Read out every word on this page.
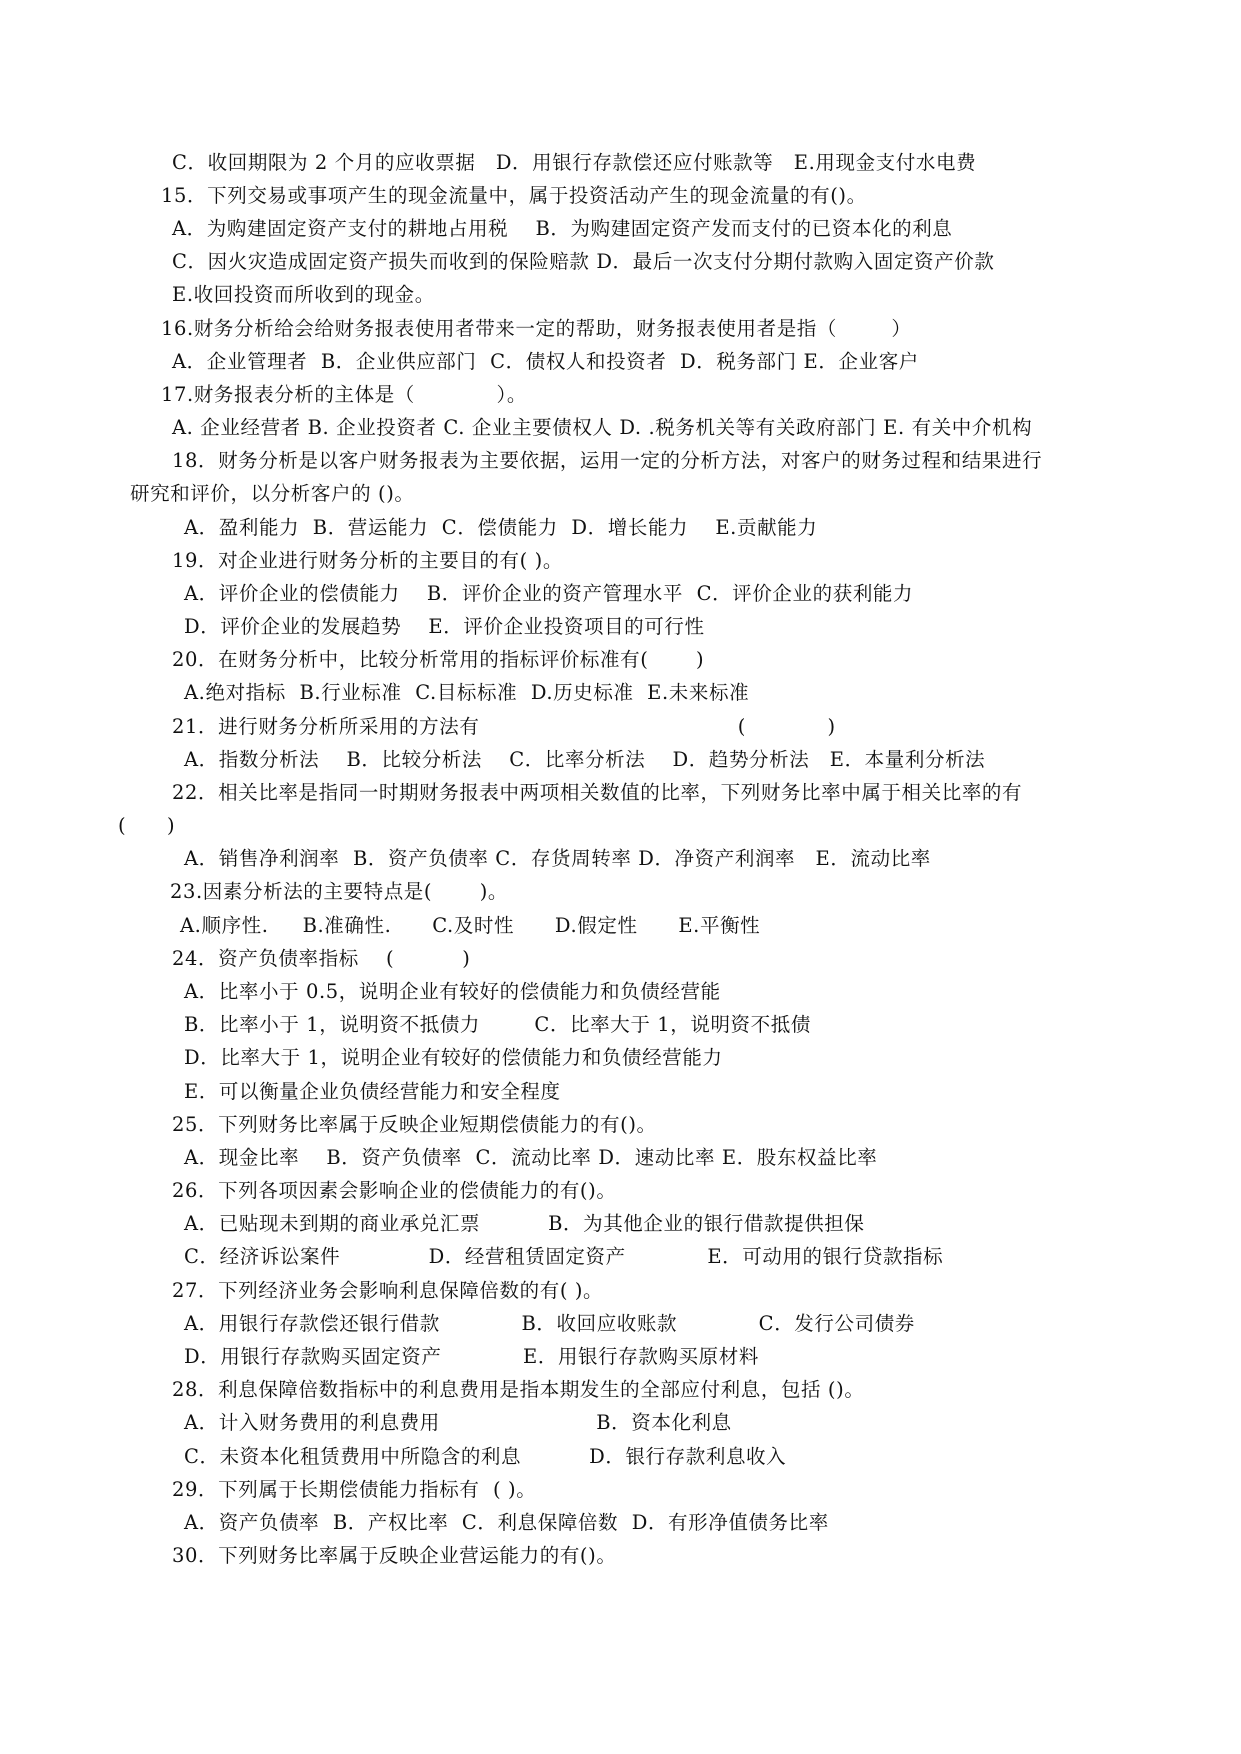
C．收回期限为 2 个月的应收票据   D．用银行存款偿还应付账款等   E.用现金支付水电费
15．下列交易或事项产生的现金流量中，属于投资活动产生的现金流量的有()。
A．为购建固定资产支付的耕地占用税    B．为购建固定资产发而支付的已资本化的利息
C．因火灾造成固定资产损失而收到的保险赔款 D．最后一次支付分期付款购入固定资产价款
E.收回投资而所收到的现金。
16.财务分析给会给财务报表使用者带来一定的帮助，财务报表使用者是指（        ）
A．企业管理者  B．企业供应部门  C．债权人和投资者  D．税务部门 E．企业客户
17.财务报表分析的主体是（            ）。
A. 企业经营者 B. 企业投资者 C. 企业主要债权人 D. .税务机关等有关政府部门 E. 有关中介机构
18．财务分析是以客户财务报表为主要依据，运用一定的分析方法，对客户的财务过程和结果进行
研究和评价，以分析客户的 ()。
A．盈利能力  B．营运能力  C．偿债能力  D．增长能力    E.贡献能力
19．对企业进行财务分析的主要目的有( )。
A．评价企业的偿债能力    B．评价企业的资产管理水平  C．评价企业的获利能力
D．评价企业的发展趋势    E．评价企业投资项目的可行性
20．在财务分析中，比较分析常用的指标评价标准有(       )
A.绝对指标  B.行业标准  C.目标标准  D.历史标准  E.未来标准
21．进行财务分析所采用的方法有                                      (            )
A．指数分析法    B．比较分析法    C．比率分析法    D．趋势分析法   E．本量利分析法
22．相关比率是指同一时期财务报表中两项相关数值的比率，下列财务比率中属于相关比率的有
(      )
A．销售净利润率  B．资产负债率 C．存货周转率 D．净资产利润率   E．流动比率
23.因素分析法的主要特点是(       )。
A.顺序性.     B.准确性.      C.及时性      D.假定性      E.平衡性
24．资产负债率指标    (          )
A．比率小于 0.5，说明企业有较好的偿债能力和负债经营能
B．比率小于 1，说明资不抵债力        C．比率大于 1，说明资不抵债
D．比率大于 1，说明企业有较好的偿债能力和负债经营能力
E．可以衡量企业负债经营能力和安全程度
25．下列财务比率属于反映企业短期偿债能力的有()。
A．现金比率    B．资产负债率  C．流动比率 D．速动比率 E．股东权益比率
26．下列各项因素会影响企业的偿债能力的有()。
A．已贴现未到期的商业承兑汇票          B．为其他企业的银行借款提供担保
C．经济诉讼案件             D．经营租赁固定资产            E．可动用的银行贷款指标
27．下列经济业务会影响利息保障倍数的有( )。
A．用银行存款偿还银行借款            B．收回应收账款            C．发行公司债券
D．用银行存款购买固定资产            E．用银行存款购买原材料
28．利息保障倍数指标中的利息费用是指本期发生的全部应付利息，包括 ()。
A．计入财务费用的利息费用                       B．资本化利息
C．未资本化租赁费用中所隐含的利息          D．银行存款利息收入
29．下列属于长期偿债能力指标有  ( )。
A．资产负债率  B．产权比率  C．利息保障倍数  D．有形净值债务比率
30．下列财务比率属于反映企业营运能力的有()。
